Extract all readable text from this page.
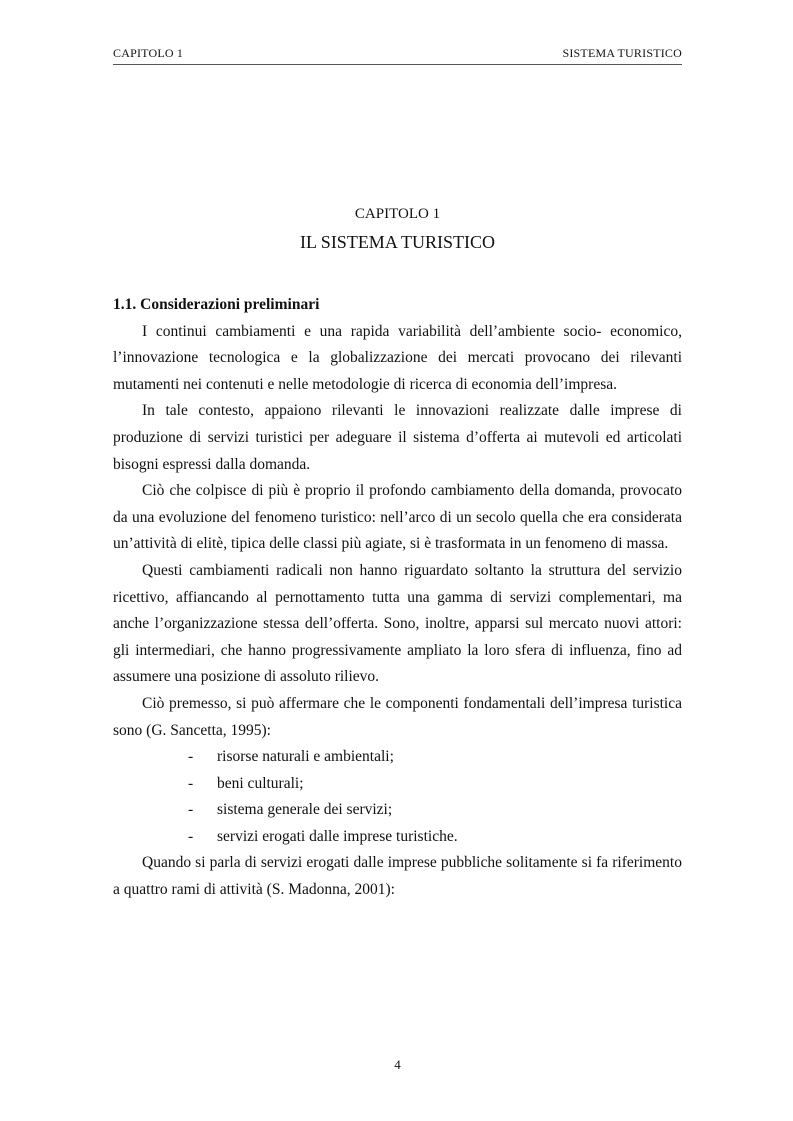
CAPITOLO 1	SISTEMA TURISTICO
CAPITOLO 1
IL SISTEMA TURISTICO

1.1. Considerazioni preliminari

I continui cambiamenti e una rapida variabilità dell’ambiente socio- economico, l’innovazione tecnologica e la globalizzazione dei mercati provocano dei rilevanti mutamenti nei contenuti e nelle metodologie di ricerca di economia dell’impresa.

In tale contesto, appaiono rilevanti le innovazioni realizzate dalle imprese di produzione di servizi turistici per adeguare il sistema d’offerta ai mutevoli ed articolati bisogni espressi dalla domanda.

Ciò che colpisce di più è proprio il profondo cambiamento della domanda, provocato da una evoluzione del fenomeno turistico: nell’arco di un secolo quella che era considerata un’attività di elitè, tipica delle classi più agiate, si è trasformata in un fenomeno di massa.

Questi cambiamenti radicali non hanno riguardato soltanto la struttura del servizio ricettivo, affiancando al pernottamento tutta una gamma di servizi complementari, ma anche l’organizzazione stessa dell’offerta. Sono, inoltre, apparsi sul mercato nuovi attori: gli intermediari, che hanno progressivamente ampliato la loro sfera di influenza, fino ad assumere una posizione di assoluto rilievo.

Ciò premesso, si può affermare che le componenti fondamentali dell’impresa turistica sono (G. Sancetta, 1995):

- risorse naturali e ambientali;
- beni culturali;
- sistema generale dei servizi;
- servizi erogati dalle imprese turistiche.

Quando si parla di servizi erogati dalle imprese pubbliche solitamente si fa riferimento a quattro rami di attività (S. Madonna, 2001):

4
